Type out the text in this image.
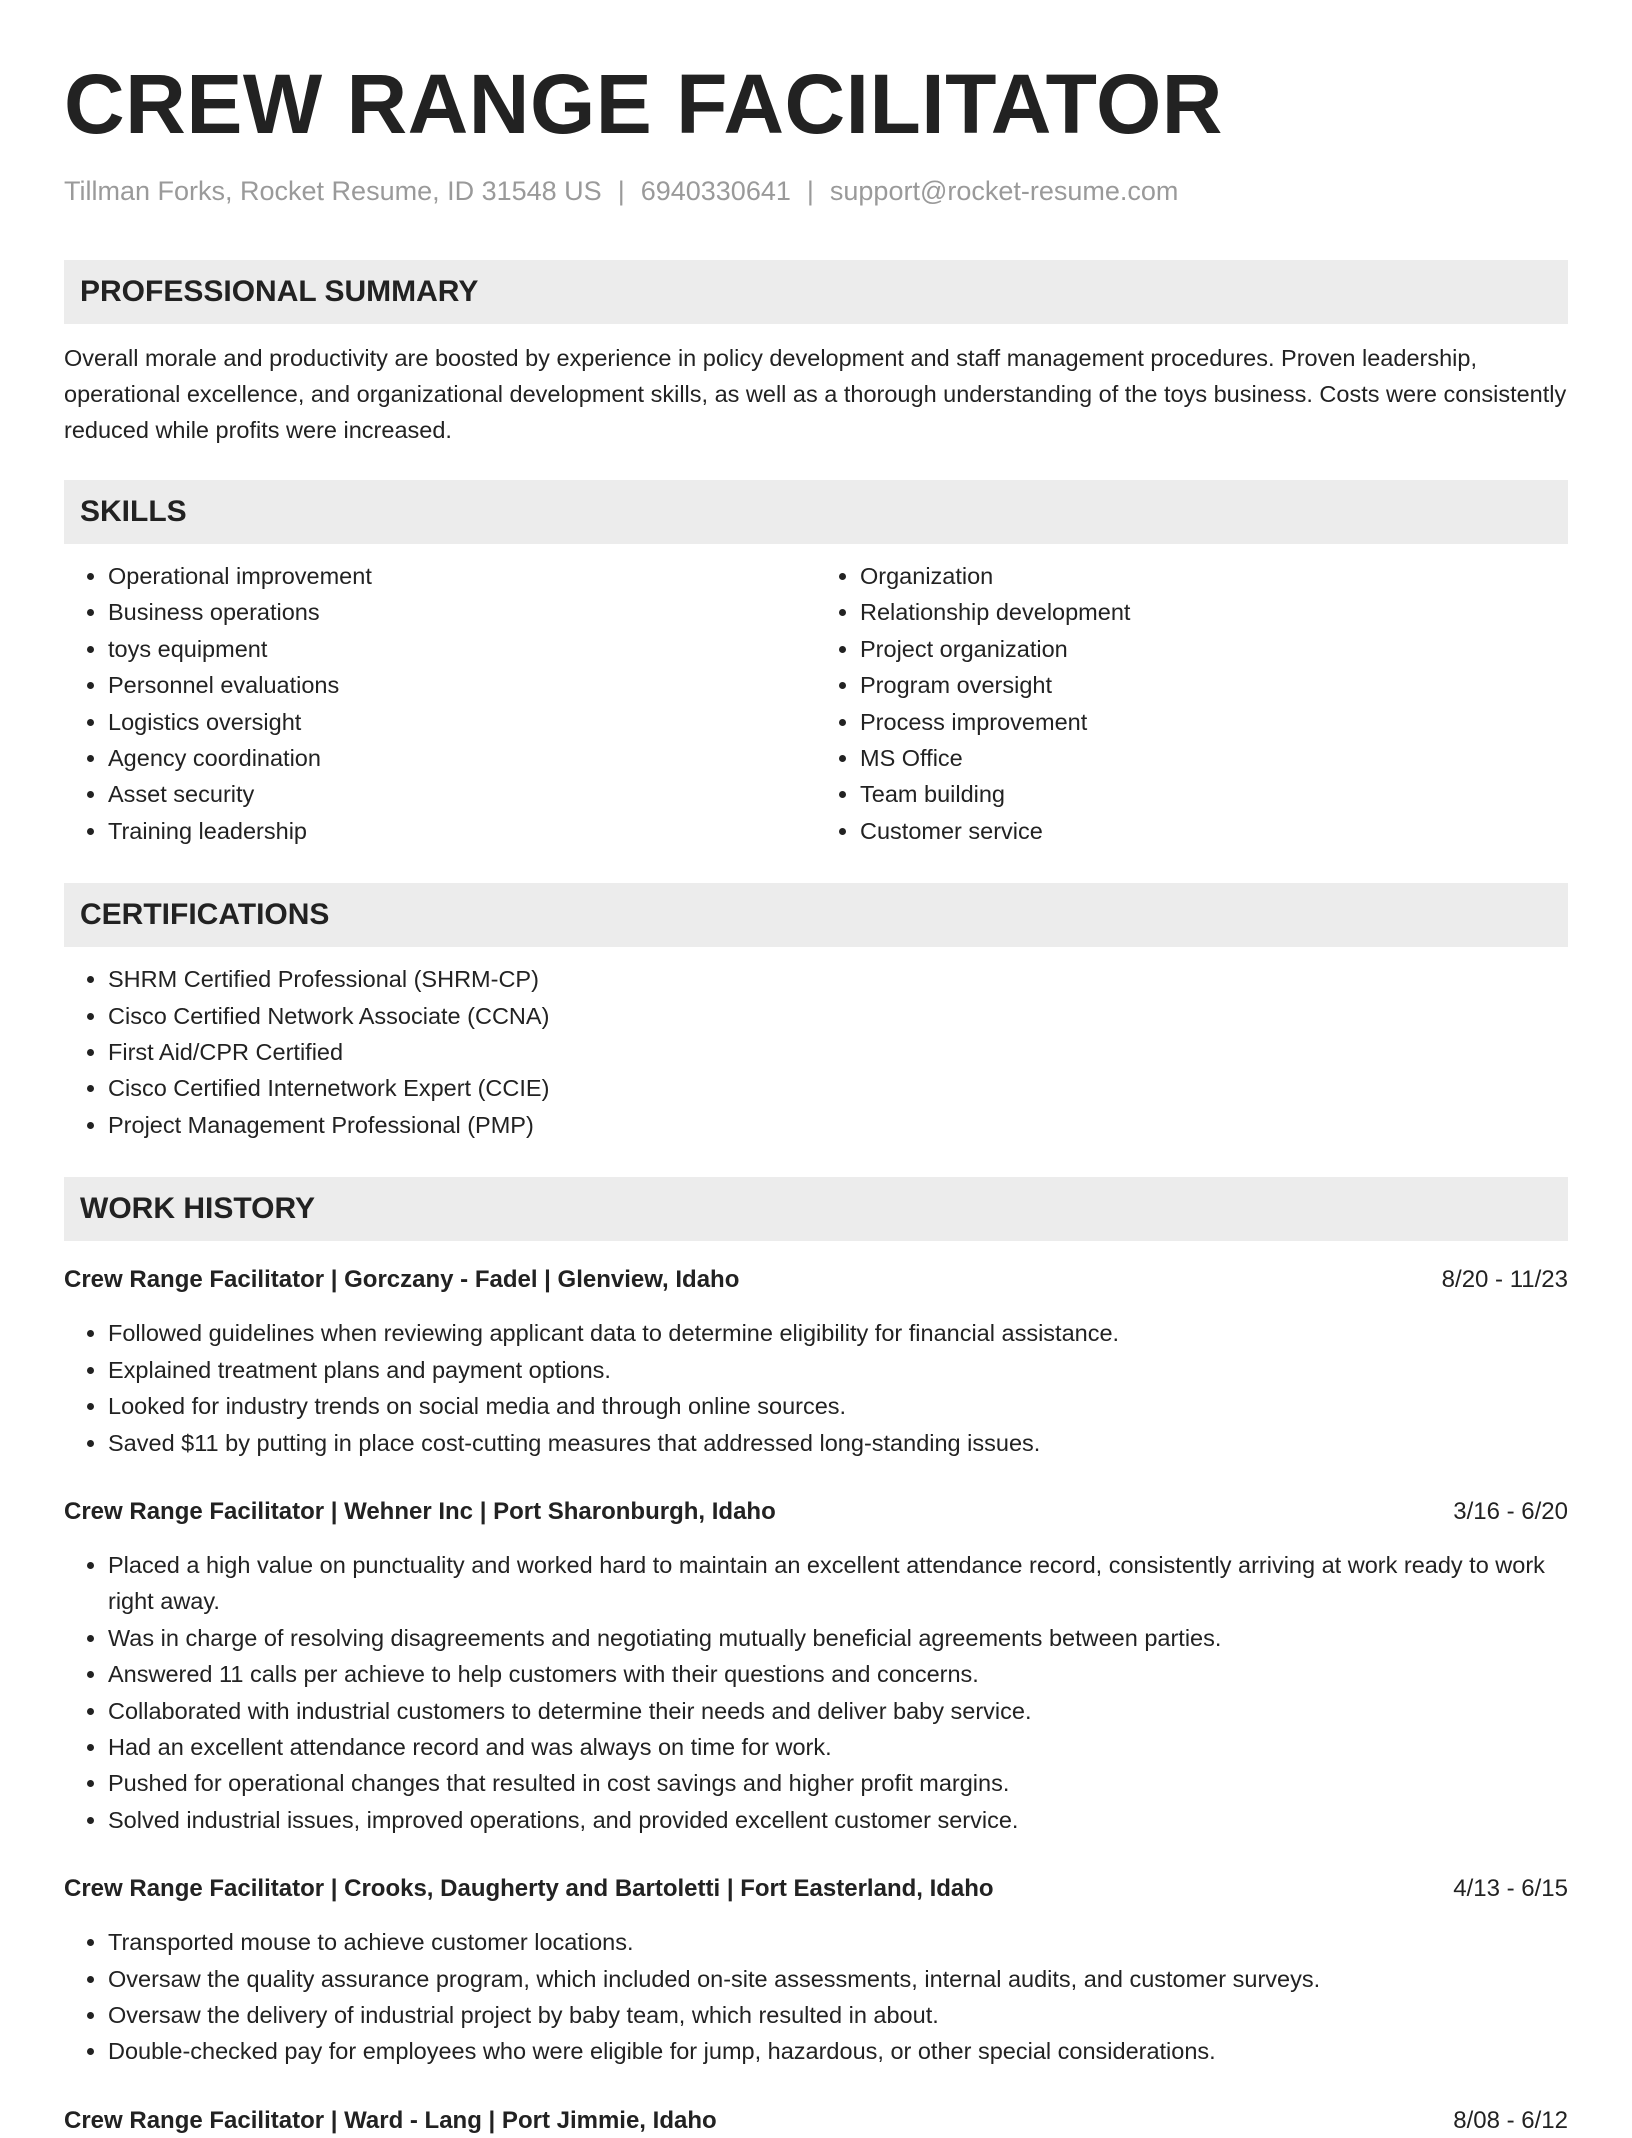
CREW RANGE FACILITATOR
Tillman Forks, Rocket Resume, ID 31548 US | 6940330641 | support@rocket-resume.com
PROFESSIONAL SUMMARY

Overall morale and productivity are boosted by experience in policy development and staff management procedures. Proven leadership, operational excellence, and organizational development skills, as well as a thorough understanding of the toys business. Costs were consistently reduced while profits were increased.

SKILLS
• Operational improvement
• Business operations
• toys equipment
• Personnel evaluations
• Logistics oversight
• Agency coordination
• Asset security
• Training leadership
• Organization
• Relationship development
• Project organization
• Program oversight
• Process improvement
• MS Office
• Team building
• Customer service
CERTIFICATIONS
• SHRM Certified Professional (SHRM-CP)
• Cisco Certified Network Associate (CCNA)
• First Aid/CPR Certified
• Cisco Certified Internetwork Expert (CCIE)
• Project Management Professional (PMP)
WORK HISTORY
Crew Range Facilitator | Gorczany - Fadel | Glenview, Idaho	8/20 - 11/23
• Followed guidelines when reviewing applicant data to determine eligibility for financial assistance.
• Explained treatment plans and payment options.
• Looked for industry trends on social media and through online sources.
• Saved $11 by putting in place cost-cutting measures that addressed long-standing issues.
Crew Range Facilitator | Wehner Inc | Port Sharonburgh, Idaho	3/16 - 6/20
• Placed a high value on punctuality and worked hard to maintain an excellent attendance record, consistently arriving at work ready to work right away.
• Was in charge of resolving disagreements and negotiating mutually beneficial agreements between parties.
• Answered 11 calls per achieve to help customers with their questions and concerns.
• Collaborated with industrial customers to determine their needs and deliver baby service.
• Had an excellent attendance record and was always on time for work.
• Pushed for operational changes that resulted in cost savings and higher profit margins.
• Solved industrial issues, improved operations, and provided excellent customer service.
Crew Range Facilitator | Crooks, Daugherty and Bartoletti | Fort Easterland, Idaho	4/13 - 6/15
• Transported mouse to achieve customer locations.
• Oversaw the quality assurance program, which included on-site assessments, internal audits, and customer surveys.
• Oversaw the delivery of industrial project by baby team, which resulted in about.
• Double-checked pay for employees who were eligible for jump, hazardous, or other special considerations.
Crew Range Facilitator | Ward - Lang | Port Jimmie, Idaho	8/08 - 6/12
